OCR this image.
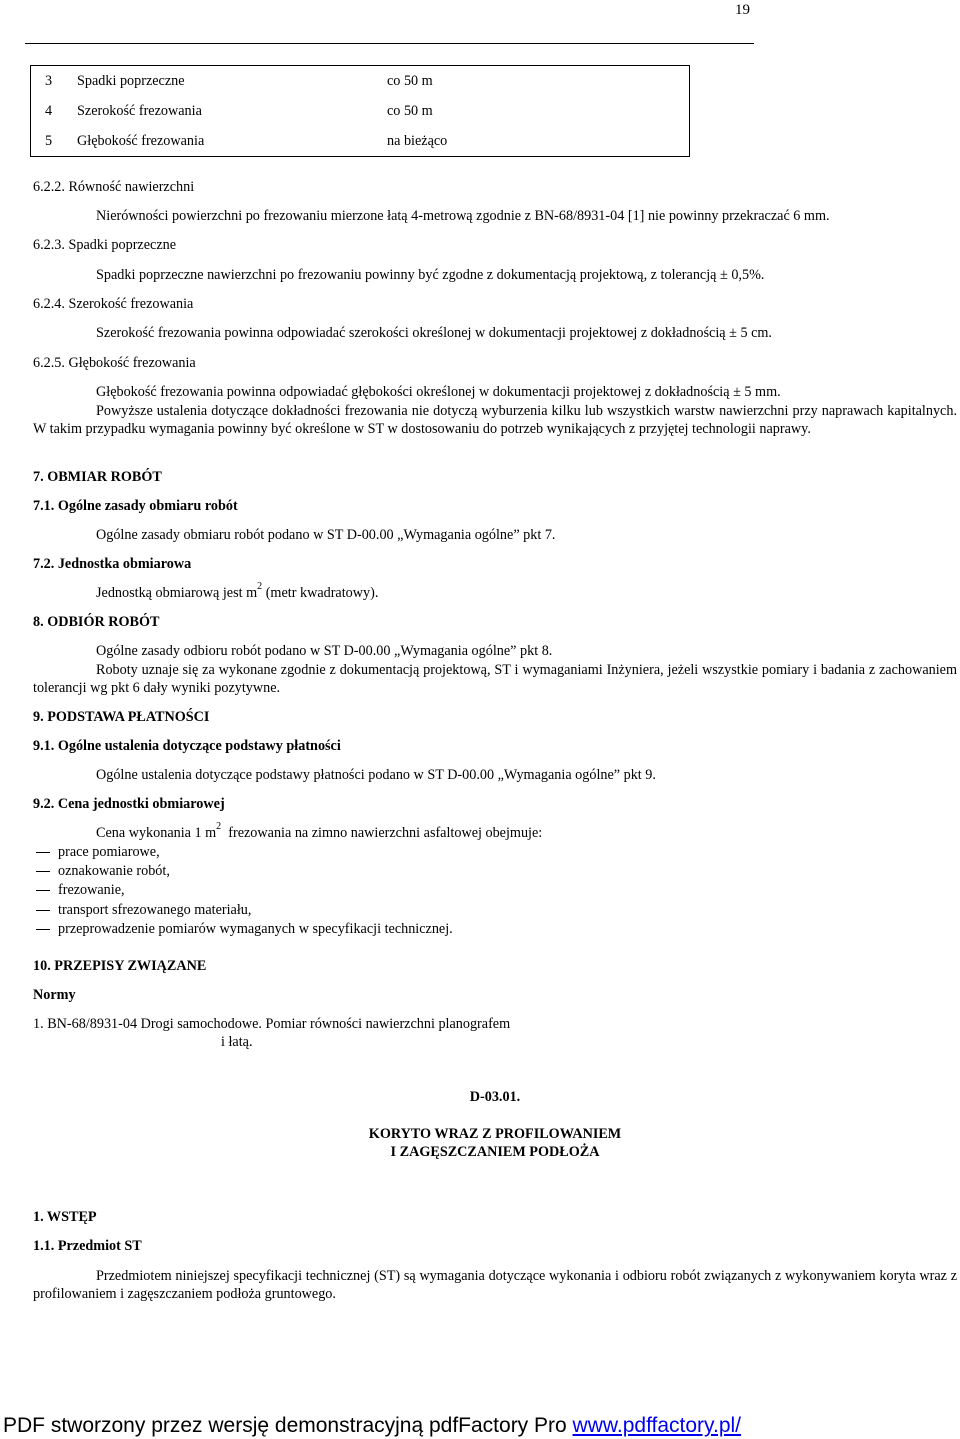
19
3 Spadki poprzeczne	co 50 m
4 Szerokość frezowania	co 50 m
5 Głębokość frezowania	na bieżąco
6.2.2. Równość nawierzchni
Nierówności powierzchni po frezowaniu mierzone łatą 4-metrową zgodnie z BN-68/8931-04 [1] nie powinny przekraczać 6 mm.
6.2.3. Spadki poprzeczne
Spadki poprzeczne nawierzchni po frezowaniu powinny być zgodne z dokumentacją projektową, z tolerancją ± 0,5%.
6.2.4. Szerokość frezowania
Szerokość frezowania powinna odpowiadać szerokości określonej w dokumentacji projektowej z dokładnością ± 5 cm.
6.2.5. Głębokość frezowania
Głębokość frezowania powinna odpowiadać głębokości określonej w dokumentacji projektowej z dokładnością ± 5 mm.
Powyższe ustalenia dotyczące dokładności frezowania nie dotyczą wyburzenia kilku lub wszystkich warstw nawierzchni przy naprawach kapitalnych. W takim przypadku wymagania powinny być określone w ST w dostosowaniu do potrzeb wynikających z przyjętej technologii naprawy.
7. OBMIAR ROBÓT
7.1. Ogólne zasady obmiaru robót
Ogólne zasady obmiaru robót podano w ST D-00.00 „Wymagania ogólne” pkt 7.
7.2. Jednostka obmiarowa
Jednostką obmiarową jest $m^2$ (metr kwadratowy).
8. ODBIÓR ROBÓT
Ogólne zasady odbioru robót podano w ST D-00.00 „Wymagania ogólne” pkt 8.
Roboty uznaje się za wykonane zgodnie z dokumentacją projektową, ST i wymaganiami Inżyniera, jeżeli wszystkie pomiary i badania z zachowaniem tolerancji wg pkt 6 dały wyniki pozytywne.
9. PODSTAWA PŁATNOŚCI
9.1. Ogólne ustalenia dotyczące podstawy płatności
Ogólne ustalenia dotyczące podstawy płatności podano w ST D-00.00 „Wymagania ogólne” pkt 9.
9.2. Cena jednostki obmiarowej
Cena wykonania 1 $m^2$  frezowania na zimno nawierzchni asfaltowej obejmuje:
prace pomiarowe,
oznakowanie robót,
frezowanie,
transport sfrezowanego materiału,
przeprowadzenie pomiarów wymaganych w specyfikacji technicznej.
10. PRZEPISY ZWIĄZANE
Normy
1. BN-68/8931-04 Drogi samochodowe. Pomiar równości nawierzchni planografem
i łatą.
D-03.01.
KORYTO WRAZ Z PROFILOWANIEM
I ZAGĘSZCZANIEM PODŁOŻA
1. WSTĘP
1.1. Przedmiot ST
Przedmiotem niniejszej specyfikacji technicznej (ST) są wymagania dotyczące wykonania i odbioru robót związanych z wykonywaniem koryta wraz z profilowaniem i zagęszczaniem podłoża gruntowego.
PDF stworzony przez wersję demonstracyjną pdfFactory Pro www.pdffactory.pl/
